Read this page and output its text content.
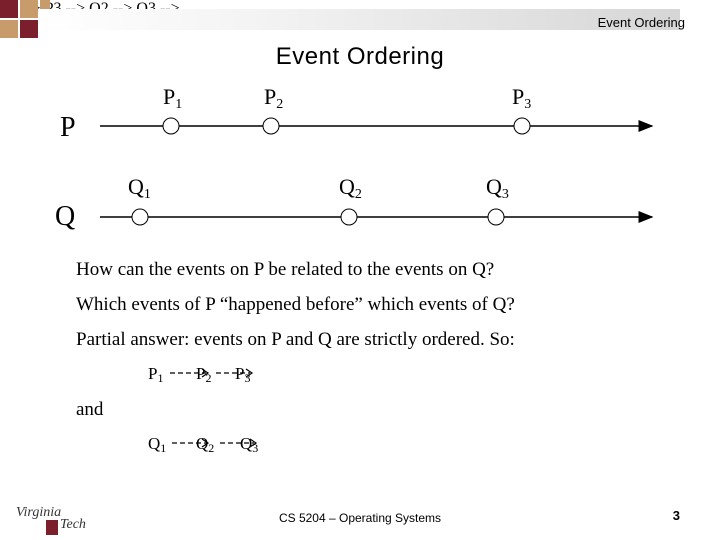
Event Ordering
Event Ordering
P
Q
$P_1$	$P_2$	$P_3$
$Q_1$	$Q_2$	$Q_3$
How can the events on P be related to the events on Q?
Which events of P “happened before” which events of Q?
Partial answer: events on P and Q are strictly ordered. So:
$P_1$ $P_2$ $P_3$
and
$Q_1$ $Q_2$ $Q_3$
Virginia
Tech	CS 5204 – Operating Systems	3
